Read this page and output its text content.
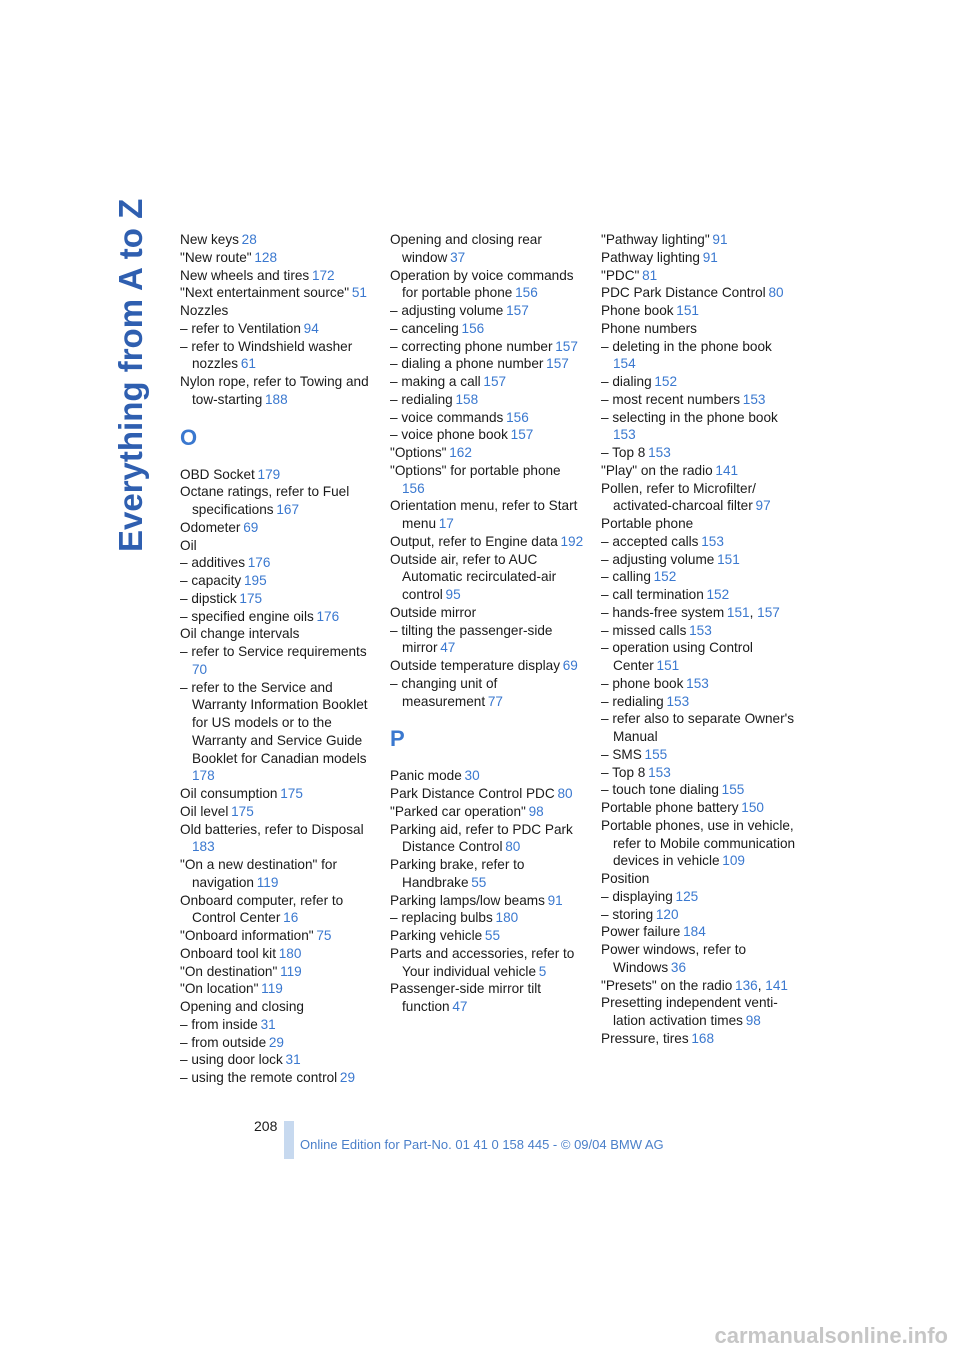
Everything from A to Z New keys  28
"New route"  128
New wheels and tires  172
"Next entertainment source"  51
Nozzles
– refer to Ventilation  94
– refer to Windshield washer nozzles  61
Nylon rope, refer to Towing and tow-starting  188
O
OBD Socket  179
Octane ratings, refer to Fuel specifications  167
Odometer  69
Oil
– additives  176
– capacity  195
– dipstick  175
– specified engine oils  176
Oil change intervals
– refer to Service requirements 70
– refer to the Service and Warranty Information Booklet for US models or to the Warranty and Service Guide Booklet for Canadian models 178
Oil consumption  175
Oil level  175
Old batteries, refer to Disposal 183
"On a new destination" for navigation  119
Onboard computer, refer to Control Center  16
"Onboard information"  75
Onboard tool kit  180
"On destination"  119
"On location"  119
Opening and closing
– from inside  31
– from outside  29
– using door lock  31
– using the remote control  29
Opening and closing rear window  37
Operation by voice commands for portable phone  156
– adjusting volume  157
– canceling  156
– correcting phone number  157
– dialing a phone number  157
– making a call  157
– redialing  158
– voice commands  156
– voice phone book  157
"Options"  162
"Options" for portable phone 156
Orientation menu, refer to Start menu  17
Output, refer to Engine data  192
Outside air, refer to AUC Automatic recirculated-air control  95
Outside mirror
– tilting the passenger-side mirror  47
Outside temperature display  69
– changing unit of measurement  77
P
Panic mode  30
Park Distance Control PDC  80
"Parked car operation"  98
Parking aid, refer to PDC Park Distance Control  80
Parking brake, refer to Handbrake  55
Parking lamps/low beams  91
– replacing bulbs  180
Parking vehicle  55
Parts and accessories, refer to Your individual vehicle  5
Passenger-side mirror tilt function  47
"Pathway lighting"  91
Pathway lighting  91
"PDC"  81
PDC Park Distance Control  80
Phone book  151
Phone numbers
– deleting in the phone book 154
– dialing  152
– most recent numbers  153
– selecting in the phone book 153
– Top 8  153
"Play" on the radio  141
Pollen, refer to Microfilter/ activated-charcoal filter  97
Portable phone
– accepted calls  153
– adjusting volume  151
– calling  152
– call termination  152
– hands-free system  151, 157
– missed calls  153
– operation using Control Center  151
– phone book  153
– redialing  153
– refer also to separate Owner's Manual
– SMS  155
– Top 8  153
– touch tone dialing  155
Portable phone battery  150
Portable phones, use in vehicle, refer to Mobile communication devices in vehicle  109
Position
– displaying  125
– storing  120
Power failure  184
Power windows, refer to Windows  36
"Presets" on the radio  136, 141
Presetting independent venti- lation activation times  98
Pressure, tires  168
208
Online Edition for Part-No. 01 41 0 158 445 - © 09/04 BMW AG
carmanualsonline.info
